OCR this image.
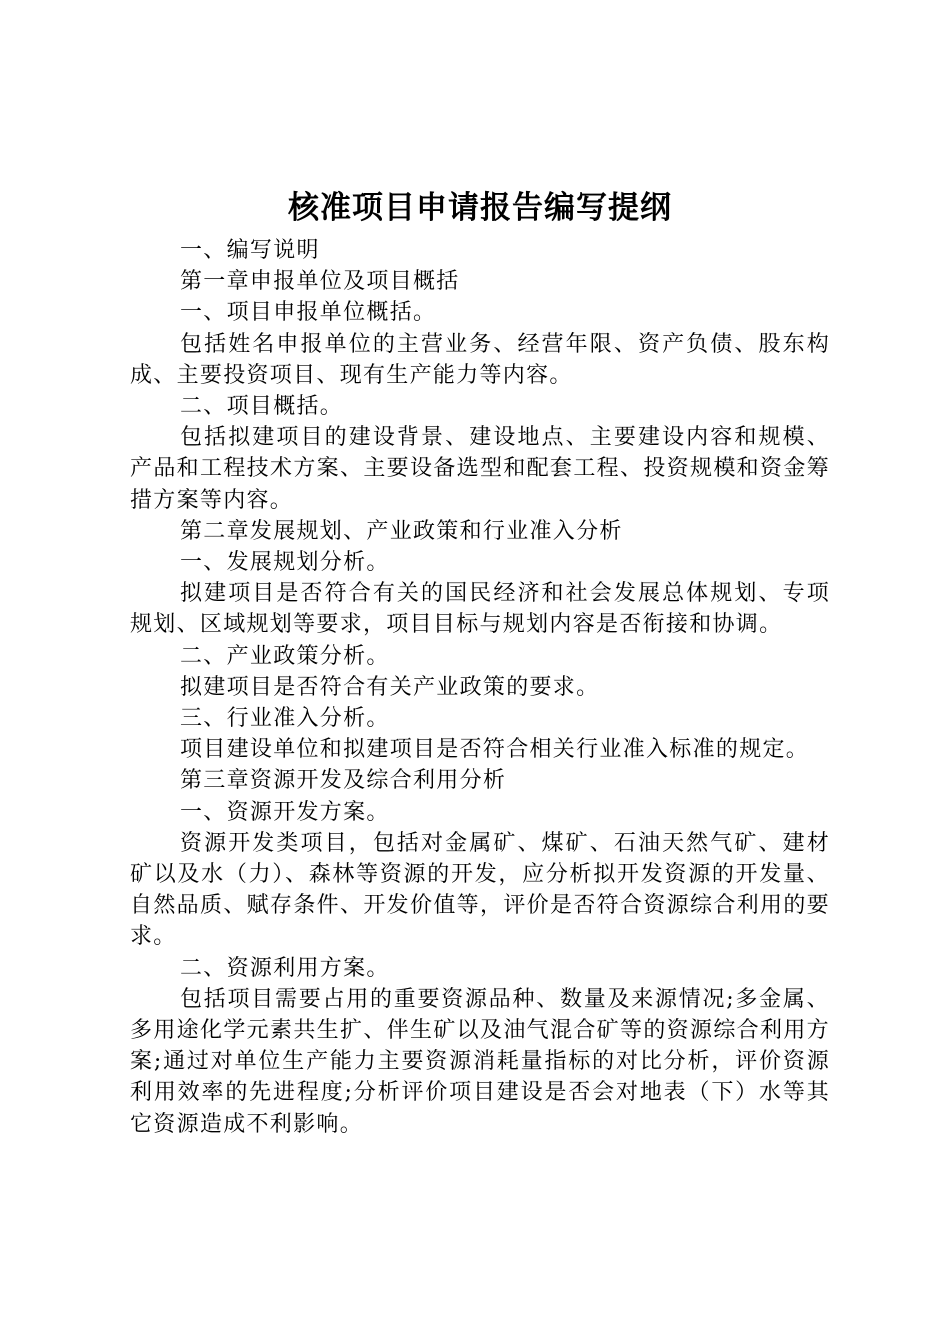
核准项目申请报告编写提纲

一、编写说明

第一章申报单位及项目概括

一、项目申报单位概括。

包括姓名申报单位的主营业务、经营年限、资产负债、股东构成、主要投资项目、现有生产能力等内容。

二、项目概括。

包括拟建项目的建设背景、建设地点、主要建设内容和规模、产品和工程技术方案、主要设备选型和配套工程、投资规模和资金筹措方案等内容。

第二章发展规划、产业政策和行业准入分析

一、发展规划分析。

拟建项目是否符合有关的国民经济和社会发展总体规划、专项规划、区域规划等要求，项目目标与规划内容是否衔接和协调。

二、产业政策分析。

拟建项目是否符合有关产业政策的要求。

三、行业准入分析。

项目建设单位和拟建项目是否符合相关行业准入标准的规定。

第三章资源开发及综合利用分析

一、资源开发方案。

资源开发类项目，包括对金属矿、煤矿、石油天然气矿、建材矿以及水（力）、森林等资源的开发，应分析拟开发资源的开发量、自然品质、赋存条件、开发价值等，评价是否符合资源综合利用的要求。

二、资源利用方案。

包括项目需要占用的重要资源品种、数量及来源情况;多金属、多用途化学元素共生扩、伴生矿以及油气混合矿等的资源综合利用方案;通过对单位生产能力主要资源消耗量指标的对比分析，评价资源利用效率的先进程度;分析评价项目建设是否会对地表（下）水等其它资源造成不利影响。
